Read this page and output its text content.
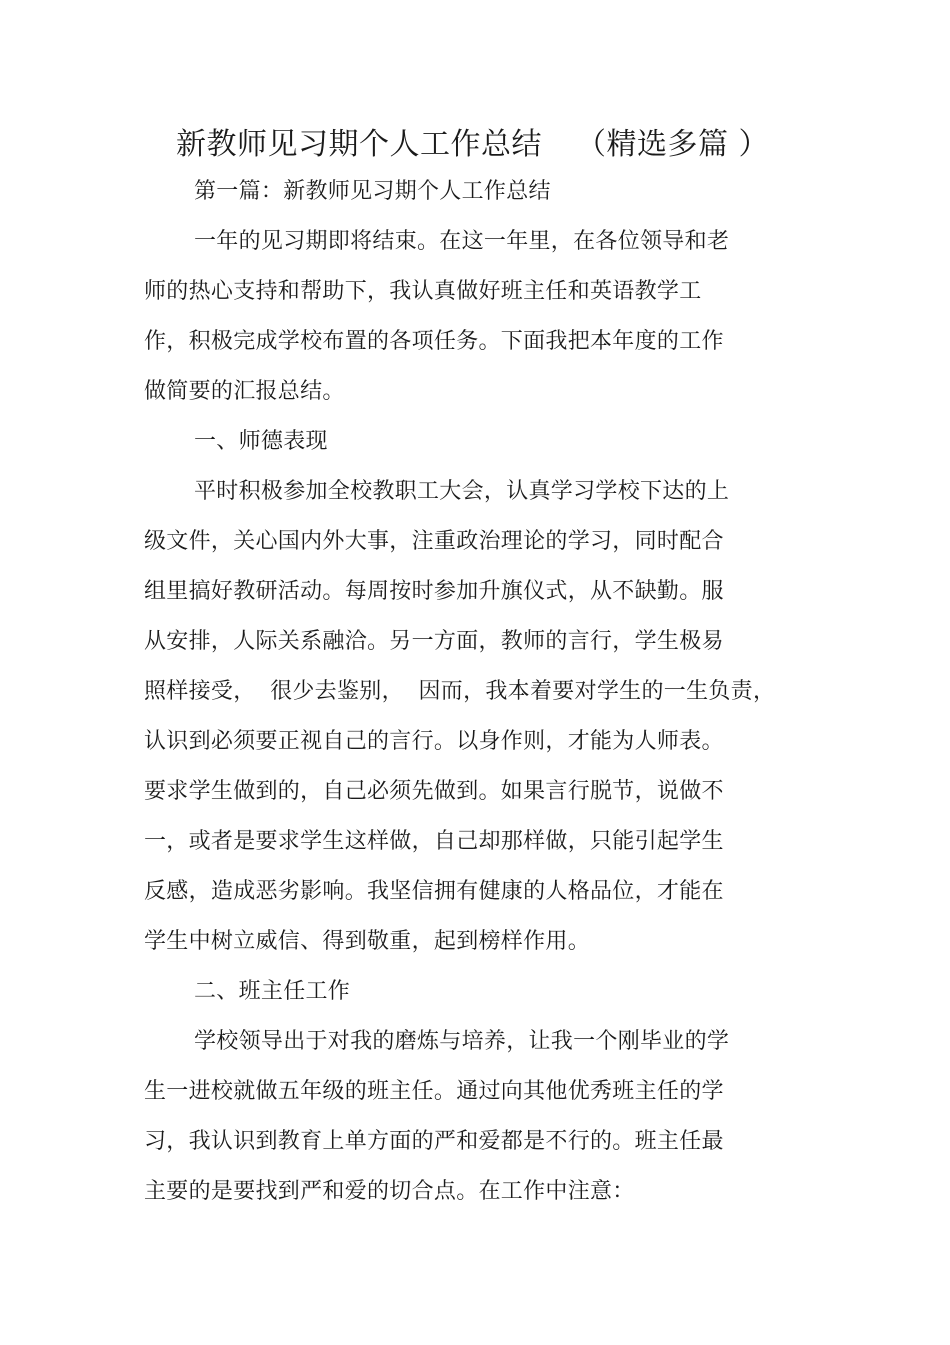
新教师见习期个人工作总结 （精选多篇 ）
第一篇：新教师见习期个人工作总结
一年的见习期即将结束。在这一年里，在各位领导和老
师的热心支持和帮助下，我认真做好班主任和英语教学工
作，积极完成学校布置的各项任务。下面我把本年度的工作
做简要的汇报总结。
一、师德表现
平时积极参加全校教职工大会，认真学习学校下达的上
级文件，关心国内外大事，注重政治理论的学习，同时配合
组里搞好教研活动。每周按时参加升旗仪式，从不缺勤。服
从安排，人际关系融洽。另一方面，教师的言行，学生极易
照样接受，  很少去鉴别，  因而，我本着要对学生的一生负责，
认识到必须要正视自己的言行。以身作则，才能为人师表。
要求学生做到的，自己必须先做到。如果言行脱节，说做不
一，或者是要求学生这样做，自己却那样做，只能引起学生
反感，造成恶劣影响。我坚信拥有健康的人格品位，才能在
学生中树立威信、得到敬重，起到榜样作用。
二、班主任工作
学校领导出于对我的磨炼与培养，让我一个刚毕业的学
生一进校就做五年级的班主任。通过向其他优秀班主任的学
习，我认识到教育上单方面的严和爱都是不行的。班主任最
主要的是要找到严和爱的切合点。在工作中注意：
